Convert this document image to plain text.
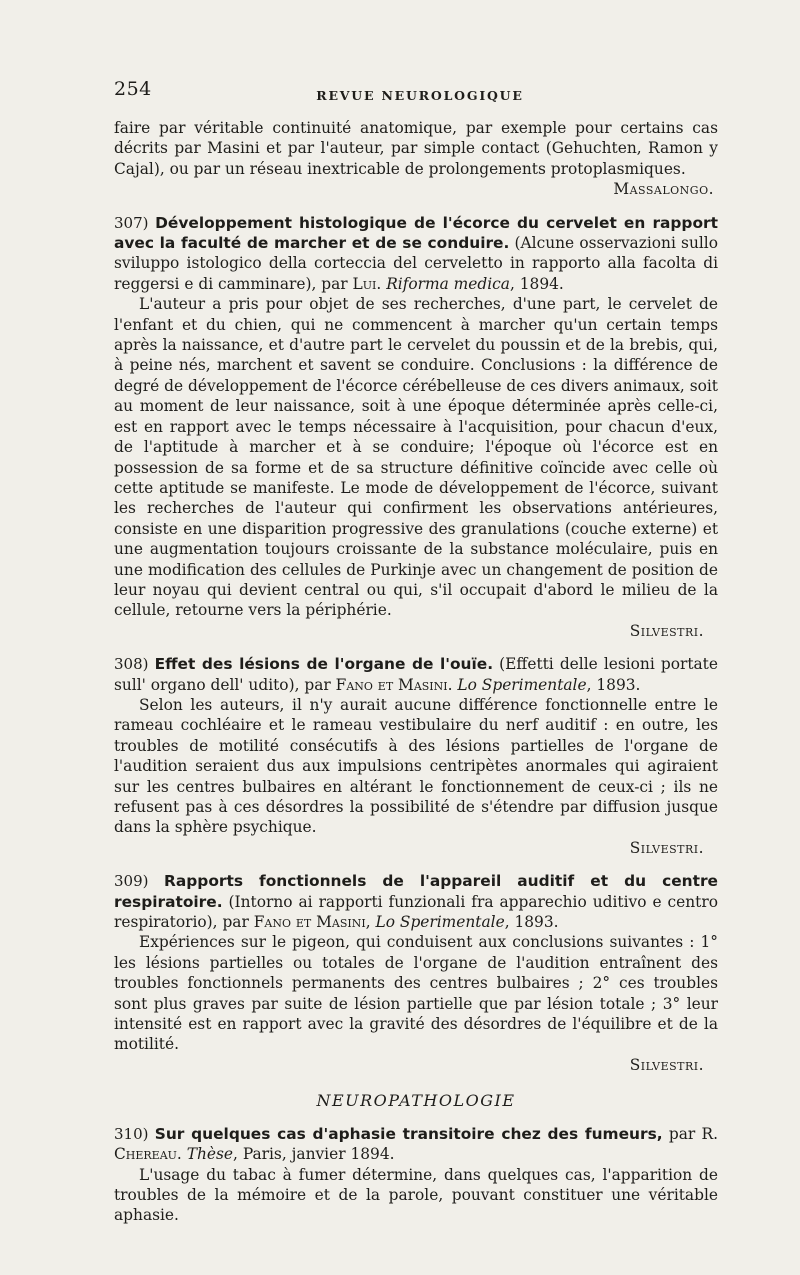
254	REVUE NEUROLOGIQUE

faire par véritable continuité anatomique, par exemple pour certains cas décrits par Masini et par l'auteur, par simple contact (Gehuchten, Ramon y Cajal), ou par un réseau inextricable de prolongements protoplasmiques.
Massalongo.

307) Développement histologique de l'écorce du cervelet en rapport avec la faculté de marcher et de se conduire. (Alcune osservazioni sullo sviluppo istologico della corteccia del cerveletto in rapporto alla facolta di reggersi e di camminare), par Lui. Riforma medica, 1894.

L'auteur a pris pour objet de ses recherches, d'une part, le cervelet de l'enfant et du chien, qui ne commencent à marcher qu'un certain temps après la naissance, et d'autre part le cervelet du poussin et de la brebis, qui, à peine nés, marchent et savent se conduire. Conclusions : la différence de degré de développement de l'écorce cérébelleuse de ces divers animaux, soit au moment de leur naissance, soit à une époque déterminée après celle-ci, est en rapport avec le temps nécessaire à l'acquisition, pour chacun d'eux, de l'aptitude à marcher et à se conduire; l'époque où l'écorce est en possession de sa forme et de sa structure définitive coïncide avec celle où cette aptitude se manifeste. Le mode de développement de l'écorce, suivant les recherches de l'auteur qui confirment les observations antérieures, consiste en une disparition progressive des granulations (couche externe) et une augmentation toujours croissante de la substance moléculaire, puis en une modification des cellules de Purkinje avec un changement de position de leur noyau qui devient central ou qui, s'il occupait d'abord le milieu de la cellule, retourne vers la périphérie.

Silvestri.

308) Effet des lésions de l'organe de l'ouïe. (Effetti delle lesioni portate sull' organo dell' udito), par Fano et Masini. Lo Sperimentale, 1893.

Selon les auteurs, il n'y aurait aucune différence fonctionnelle entre le rameau cochléaire et le rameau vestibulaire du nerf auditif : en outre, les troubles de motilité consécutifs à des lésions partielles de l'organe de l'audition seraient dus aux impulsions centripètes anormales qui agiraient sur les centres bulbaires en altérant le fonctionnement de ceux-ci ; ils ne refusent pas à ces désordres la possibilité de s'étendre par diffusion jusque dans la sphère psychique.

Silvestri.

309) Rapports fonctionnels de l'appareil auditif et du centre respiratoire. (Intorno ai rapporti funzionali fra apparechio uditivo e centro respiratorio), par Fano et Masini, Lo Sperimentale, 1893.

Expériences sur le pigeon, qui conduisent aux conclusions suivantes : 1° les lésions partielles ou totales de l'organe de l'audition entraînent des troubles fonctionnels permanents des centres bulbaires ; 2° ces troubles sont plus graves par suite de lésion partielle que par lésion totale ; 3° leur intensité est en rapport avec la gravité des désordres de l'équilibre et de la motilité.

Silvestri.

NEUROPATHOLOGIE

310) Sur quelques cas d'aphasie transitoire chez des fumeurs, par R. Chereau. Thèse, Paris, janvier 1894.

L'usage du tabac à fumer détermine, dans quelques cas, l'apparition de troubles de la mémoire et de la parole, pouvant constituer une véritable aphasie.
